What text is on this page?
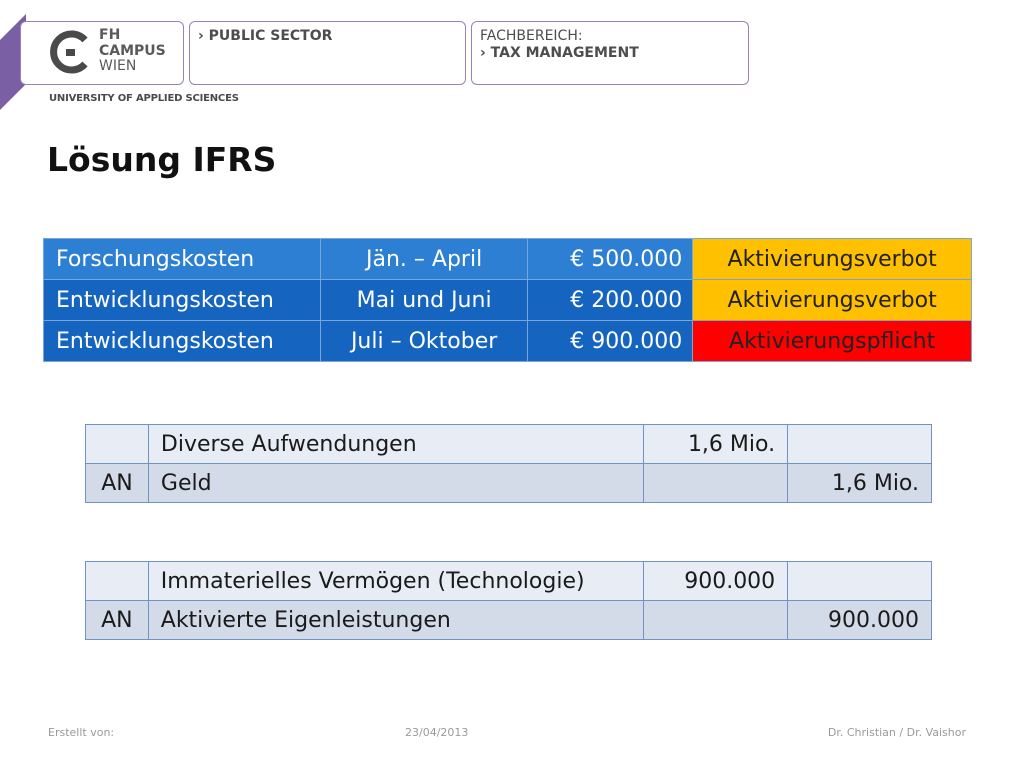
FH
CAMPUS
WIEN
UNIVERSITY OF APPLIED SCIENCES
› PUBLIC SECTOR	FACHBEREICH:
› TAX MANAGEMENT
Lösung IFRS
Forschungskosten	Jän. – April	€ 500.000	Aktivierungsverbot
Entwicklungskosten	Mai und Juni	€ 200.000	Aktivierungsverbot
Entwicklungskosten	Juli – Oktober	€ 900.000	Aktivierungspflicht
	Diverse Aufwendungen	1,6 Mio.	
AN	Geld		1,6 Mio.
	Immaterielles Vermögen (Technologie)	900.000	
AN	Aktivierte Eigenleistungen		900.000
Erstellt von:	23/04/2013	Dr. Christian / Dr. Vaishor
